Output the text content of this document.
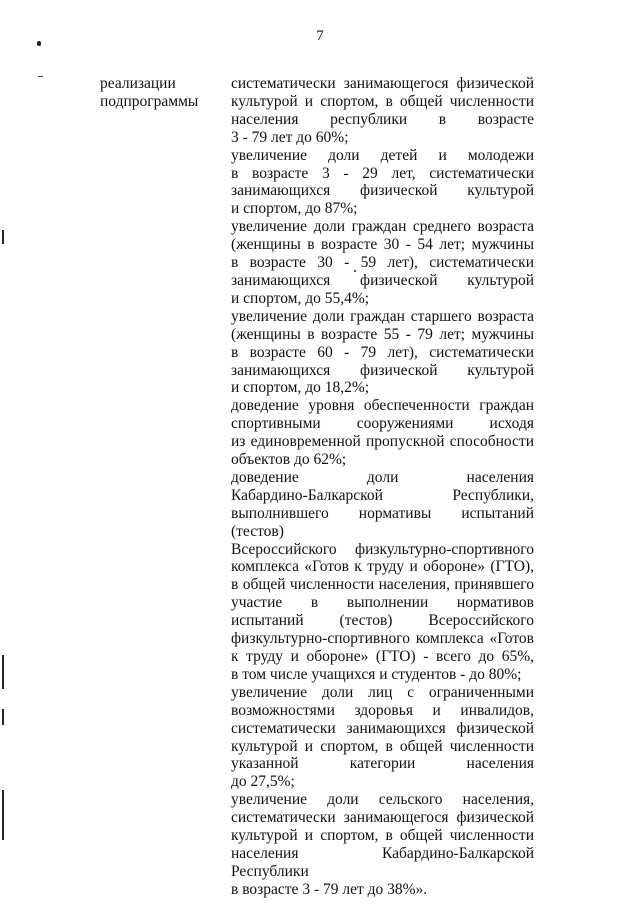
7
реализации
подпрограммы
систематически занимающегося физической
культурой и спортом, в общей численности
населения республики в возрасте
3 - 79 лет до 60%;
увеличение доли детей и молодежи
в возрасте 3 - 29 лет, систематически
занимающихся физической культурой
и спортом, до 87%;
увеличение доли граждан среднего возраста
(женщины в возрасте 30 - 54 лет; мужчины
в возрасте 30 - 59 лет), систематически
занимающихся физической культурой
и спортом, до 55,4%;
увеличение доли граждан старшего возраста
(женщины в возрасте 55 - 79 лет; мужчины
в возрасте 60 - 79 лет), систематически
занимающихся физической культурой
и спортом, до 18,2%;
доведение уровня обеспеченности граждан
спортивными сооружениями исходя
из единовременной пропускной способности
объектов до 62%;
доведение доли населения
Кабардино-Балкарской Республики,
выполнившего нормативы испытаний (тестов)
Всероссийского физкультурно-спортивного
комплекса «Готов к труду и обороне» (ГТО),
в общей численности населения, принявшего
участие в выполнении нормативов
испытаний (тестов) Всероссийского
физкультурно-спортивного комплекса «Готов
к труду и обороне» (ГТО) - всего до 65%,
в том числе учащихся и студентов - до 80%;
увеличение доли лиц с ограниченными
возможностями здоровья и инвалидов,
систематически занимающихся физической
культурой и спортом, в общей численности
указанной категории населения
до 27,5%;
увеличение доли сельского населения,
систематически занимающегося физической
культурой и спортом, в общей численности
населения Кабардино-Балкарской Республики
в возрасте 3 - 79 лет до 38%».
